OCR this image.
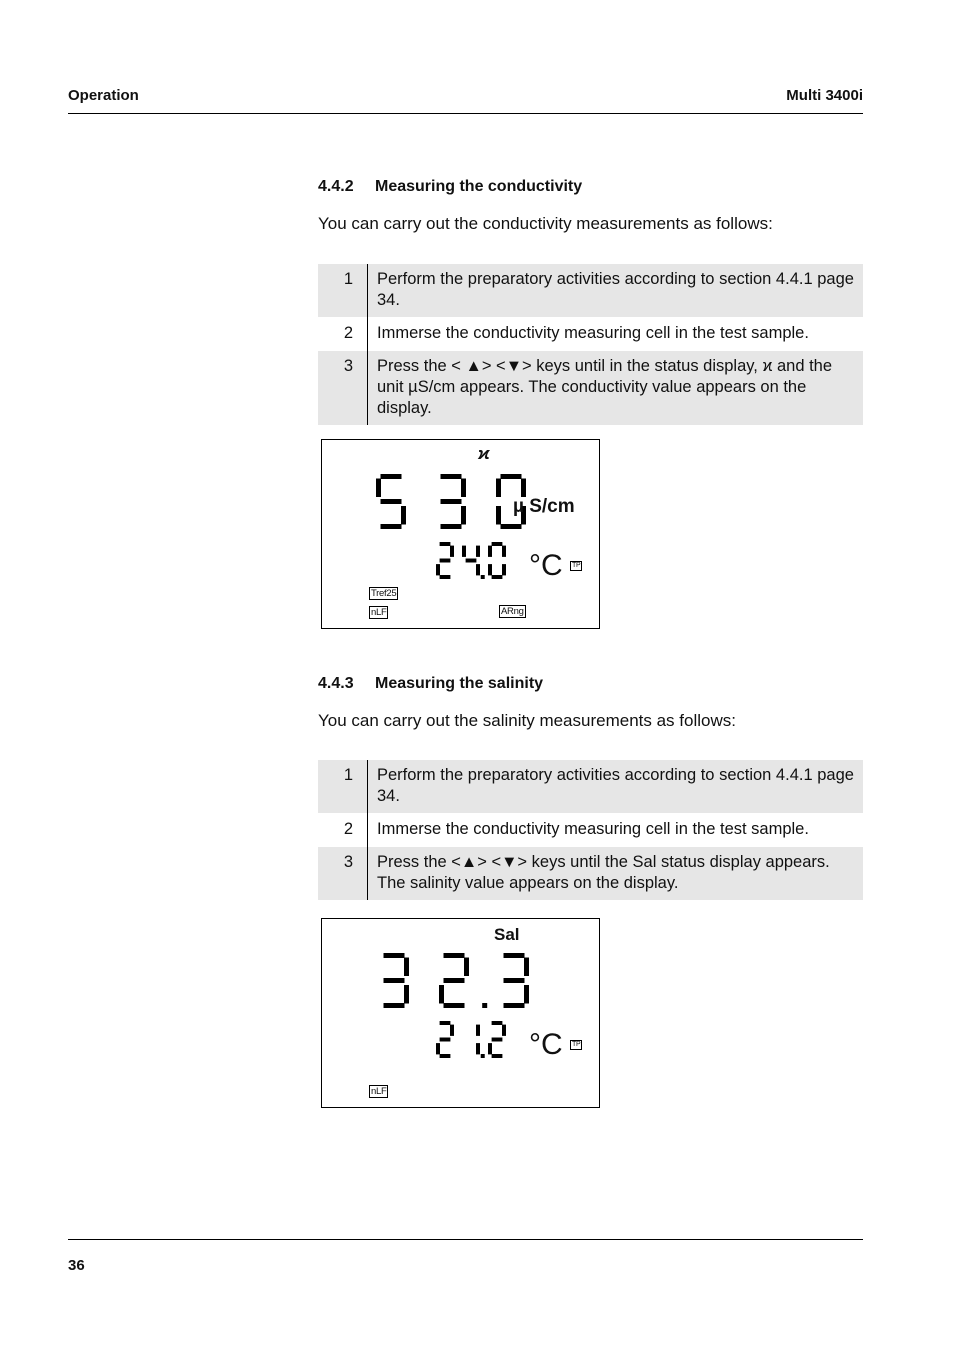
Operation	Multi 3400i
4.4.2 Measuring the conductivity
You can carry out the conductivity measurements as follows:
1	Perform the preparatory activities according to section 4.4.1 page 34.
2	Immerse the conductivity measuring cell in the test sample.
3	Press the < ▲> <▼> keys until in the status display, ϰ and the unit µS/cm appears. The conductivity value appears on the display.
ϰ
µ S/cm
°C TP
Tref25
nLF	ARng
4.4.3 Measuring the salinity
You can carry out the salinity measurements as follows:
1	Perform the preparatory activities according to section 4.4.1 page 34.
2	Immerse the conductivity measuring cell in the test sample.
3	Press the <▲> <▼> keys until the Sal status display appears. The salinity value appears on the display.
Sal
°C TP
nLF
36
